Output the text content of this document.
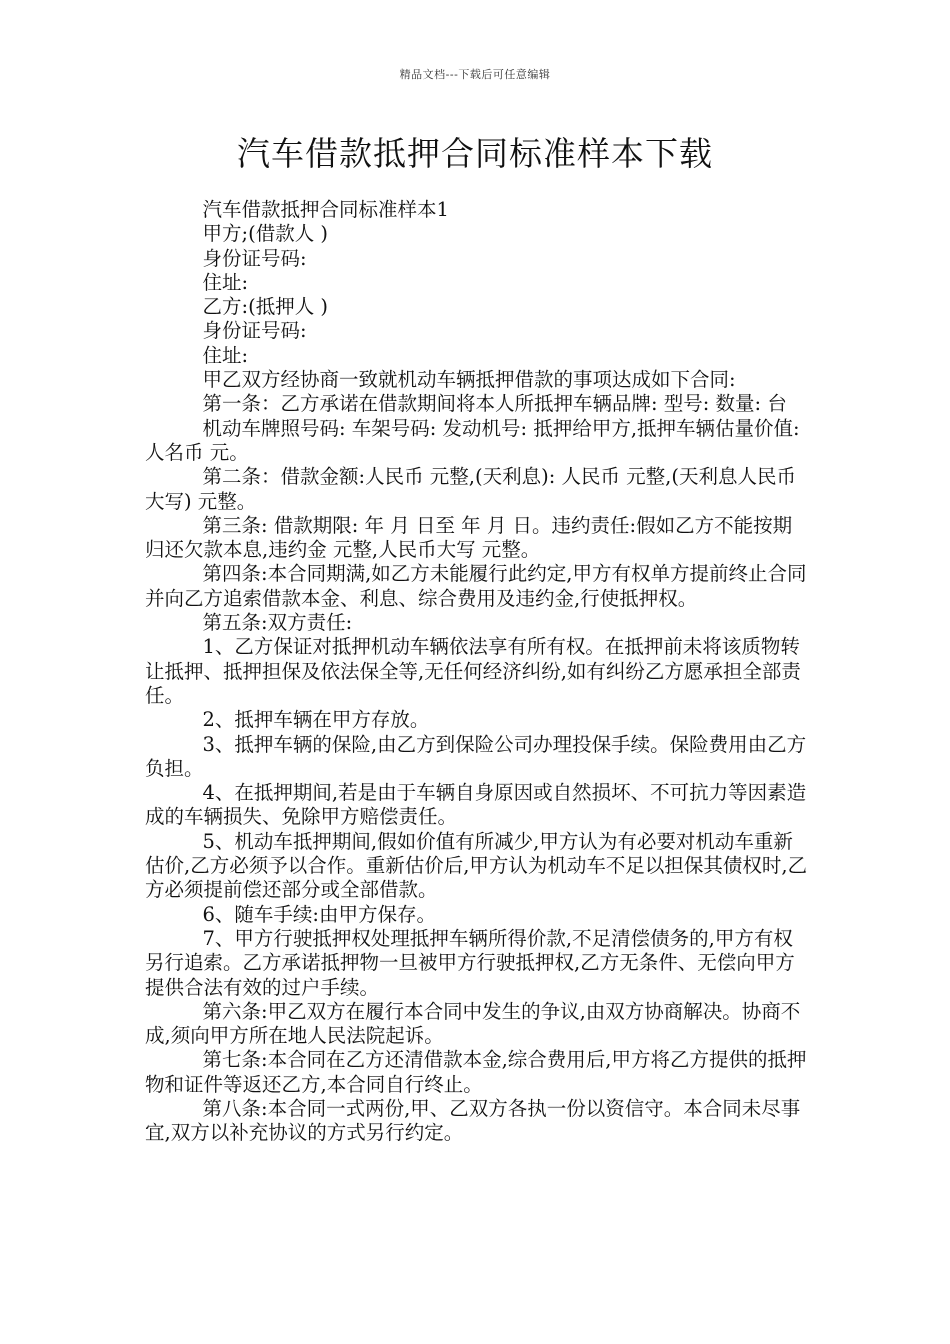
精品文档---下载后可任意编辑
汽车借款抵押合同标准样本下载

汽车借款抵押合同标准样本1

甲方;(借款人 )

身份证号码:

住址:

乙方:(抵押人 )

身份证号码:

住址:

甲乙双方经协商一致就机动车辆抵押借款的事项达成如下合同:

第一条：乙方承诺在借款期间将本人所抵押车辆品牌: 型号: 数量: 台

机动车牌照号码: 车架号码: 发动机号: 抵押给甲方,抵押车辆估量价值:人名币 元。

第二条：借款金额:人民币 元整,(天利息): 人民币 元整,(天利息人民币大写) 元整。

第三条: 借款期限: 年 月 日至 年 月 日。违约责任:假如乙方不能按期归还欠款本息,违约金 元整,人民币大写 元整。

第四条:本合同期满,如乙方未能履行此约定,甲方有权单方提前终止合同并向乙方追索借款本金、利息、综合费用及违约金,行使抵押权。

第五条:双方责任:

1、乙方保证对抵押机动车辆依法享有所有权。在抵押前未将该质物转让抵押、抵押担保及依法保全等,无任何经济纠纷,如有纠纷乙方愿承担全部责任。

2、抵押车辆在甲方存放。

3、抵押车辆的保险,由乙方到保险公司办理投保手续。保险费用由乙方负担。

4、在抵押期间,若是由于车辆自身原因或自然损坏、不可抗力等因素造成的车辆损失、免除甲方赔偿责任。

5、机动车抵押期间,假如价值有所减少,甲方认为有必要对机动车重新估价,乙方必须予以合作。重新估价后,甲方认为机动车不足以担保其债权时,乙方必须提前偿还部分或全部借款。

6、随车手续:由甲方保存。

7、甲方行驶抵押权处理抵押车辆所得价款,不足清偿债务的,甲方有权另行追索。乙方承诺抵押物一旦被甲方行驶抵押权,乙方无条件、无偿向甲方提供合法有效的过户手续。

第六条:甲乙双方在履行本合同中发生的争议,由双方协商解决。协商不成,须向甲方所在地人民法院起诉。

第七条:本合同在乙方还清借款本金,综合费用后,甲方将乙方提供的抵押物和证件等返还乙方,本合同自行终止。

第八条:本合同一式两份,甲、乙双方各执一份以资信守。本合同未尽事宜,双方以补充协议的方式另行约定。
